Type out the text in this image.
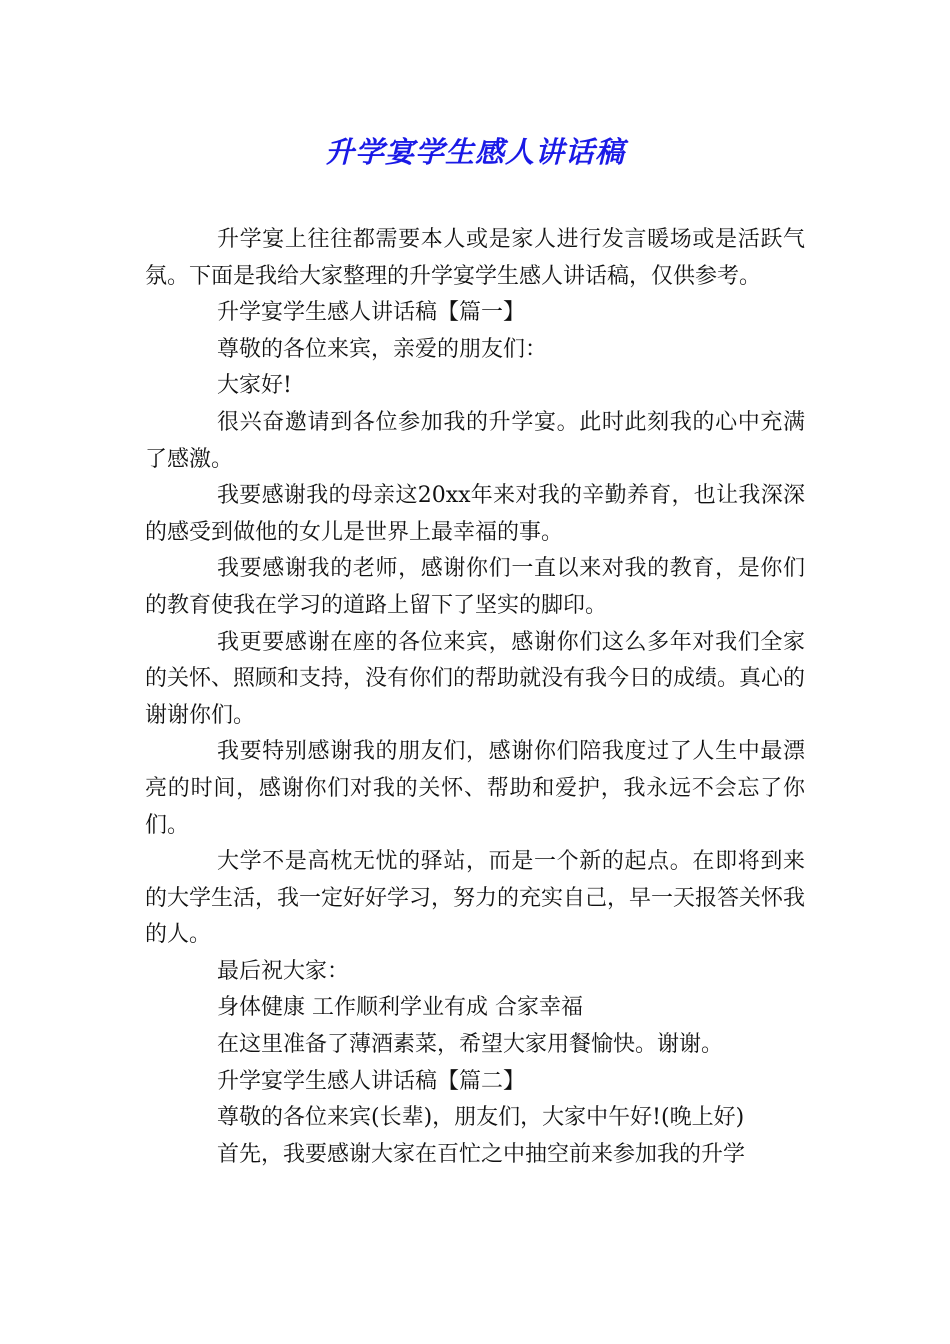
升学宴学生感人讲话稿

升学宴上往往都需要本人或是家人进行发言暖场或是活跃气氛。下面是我给大家整理的升学宴学生感人讲话稿，仅供参考。

升学宴学生感人讲话稿【篇一】

尊敬的各位来宾，亲爱的朋友们：

大家好!

很兴奋邀请到各位参加我的升学宴。此时此刻我的心中充满了感激。

我要感谢我的母亲这20xx年来对我的辛勤养育，也让我深深的感受到做他的女儿是世界上最幸福的事。

我要感谢我的老师，感谢你们一直以来对我的教育，是你们的教育使我在学习的道路上留下了坚实的脚印。

我更要感谢在座的各位来宾，感谢你们这么多年对我们全家的关怀、照顾和支持，没有你们的帮助就没有我今日的成绩。真心的谢谢你们。

我要特别感谢我的朋友们，感谢你们陪我度过了人生中最漂亮的时间，感谢你们对我的关怀、帮助和爱护，我永远不会忘了你们。

大学不是高枕无忧的驿站，而是一个新的起点。在即将到来的大学生活，我一定好好学习，努力的充实自己，早一天报答关怀我的人。

最后祝大家：

身体健康 工作顺利学业有成 合家幸福

在这里准备了薄酒素菜，希望大家用餐愉快。谢谢。

升学宴学生感人讲话稿【篇二】

尊敬的各位来宾(长辈)，朋友们，大家中午好!(晚上好)

首先，我要感谢大家在百忙之中抽空前来参加我的升学
